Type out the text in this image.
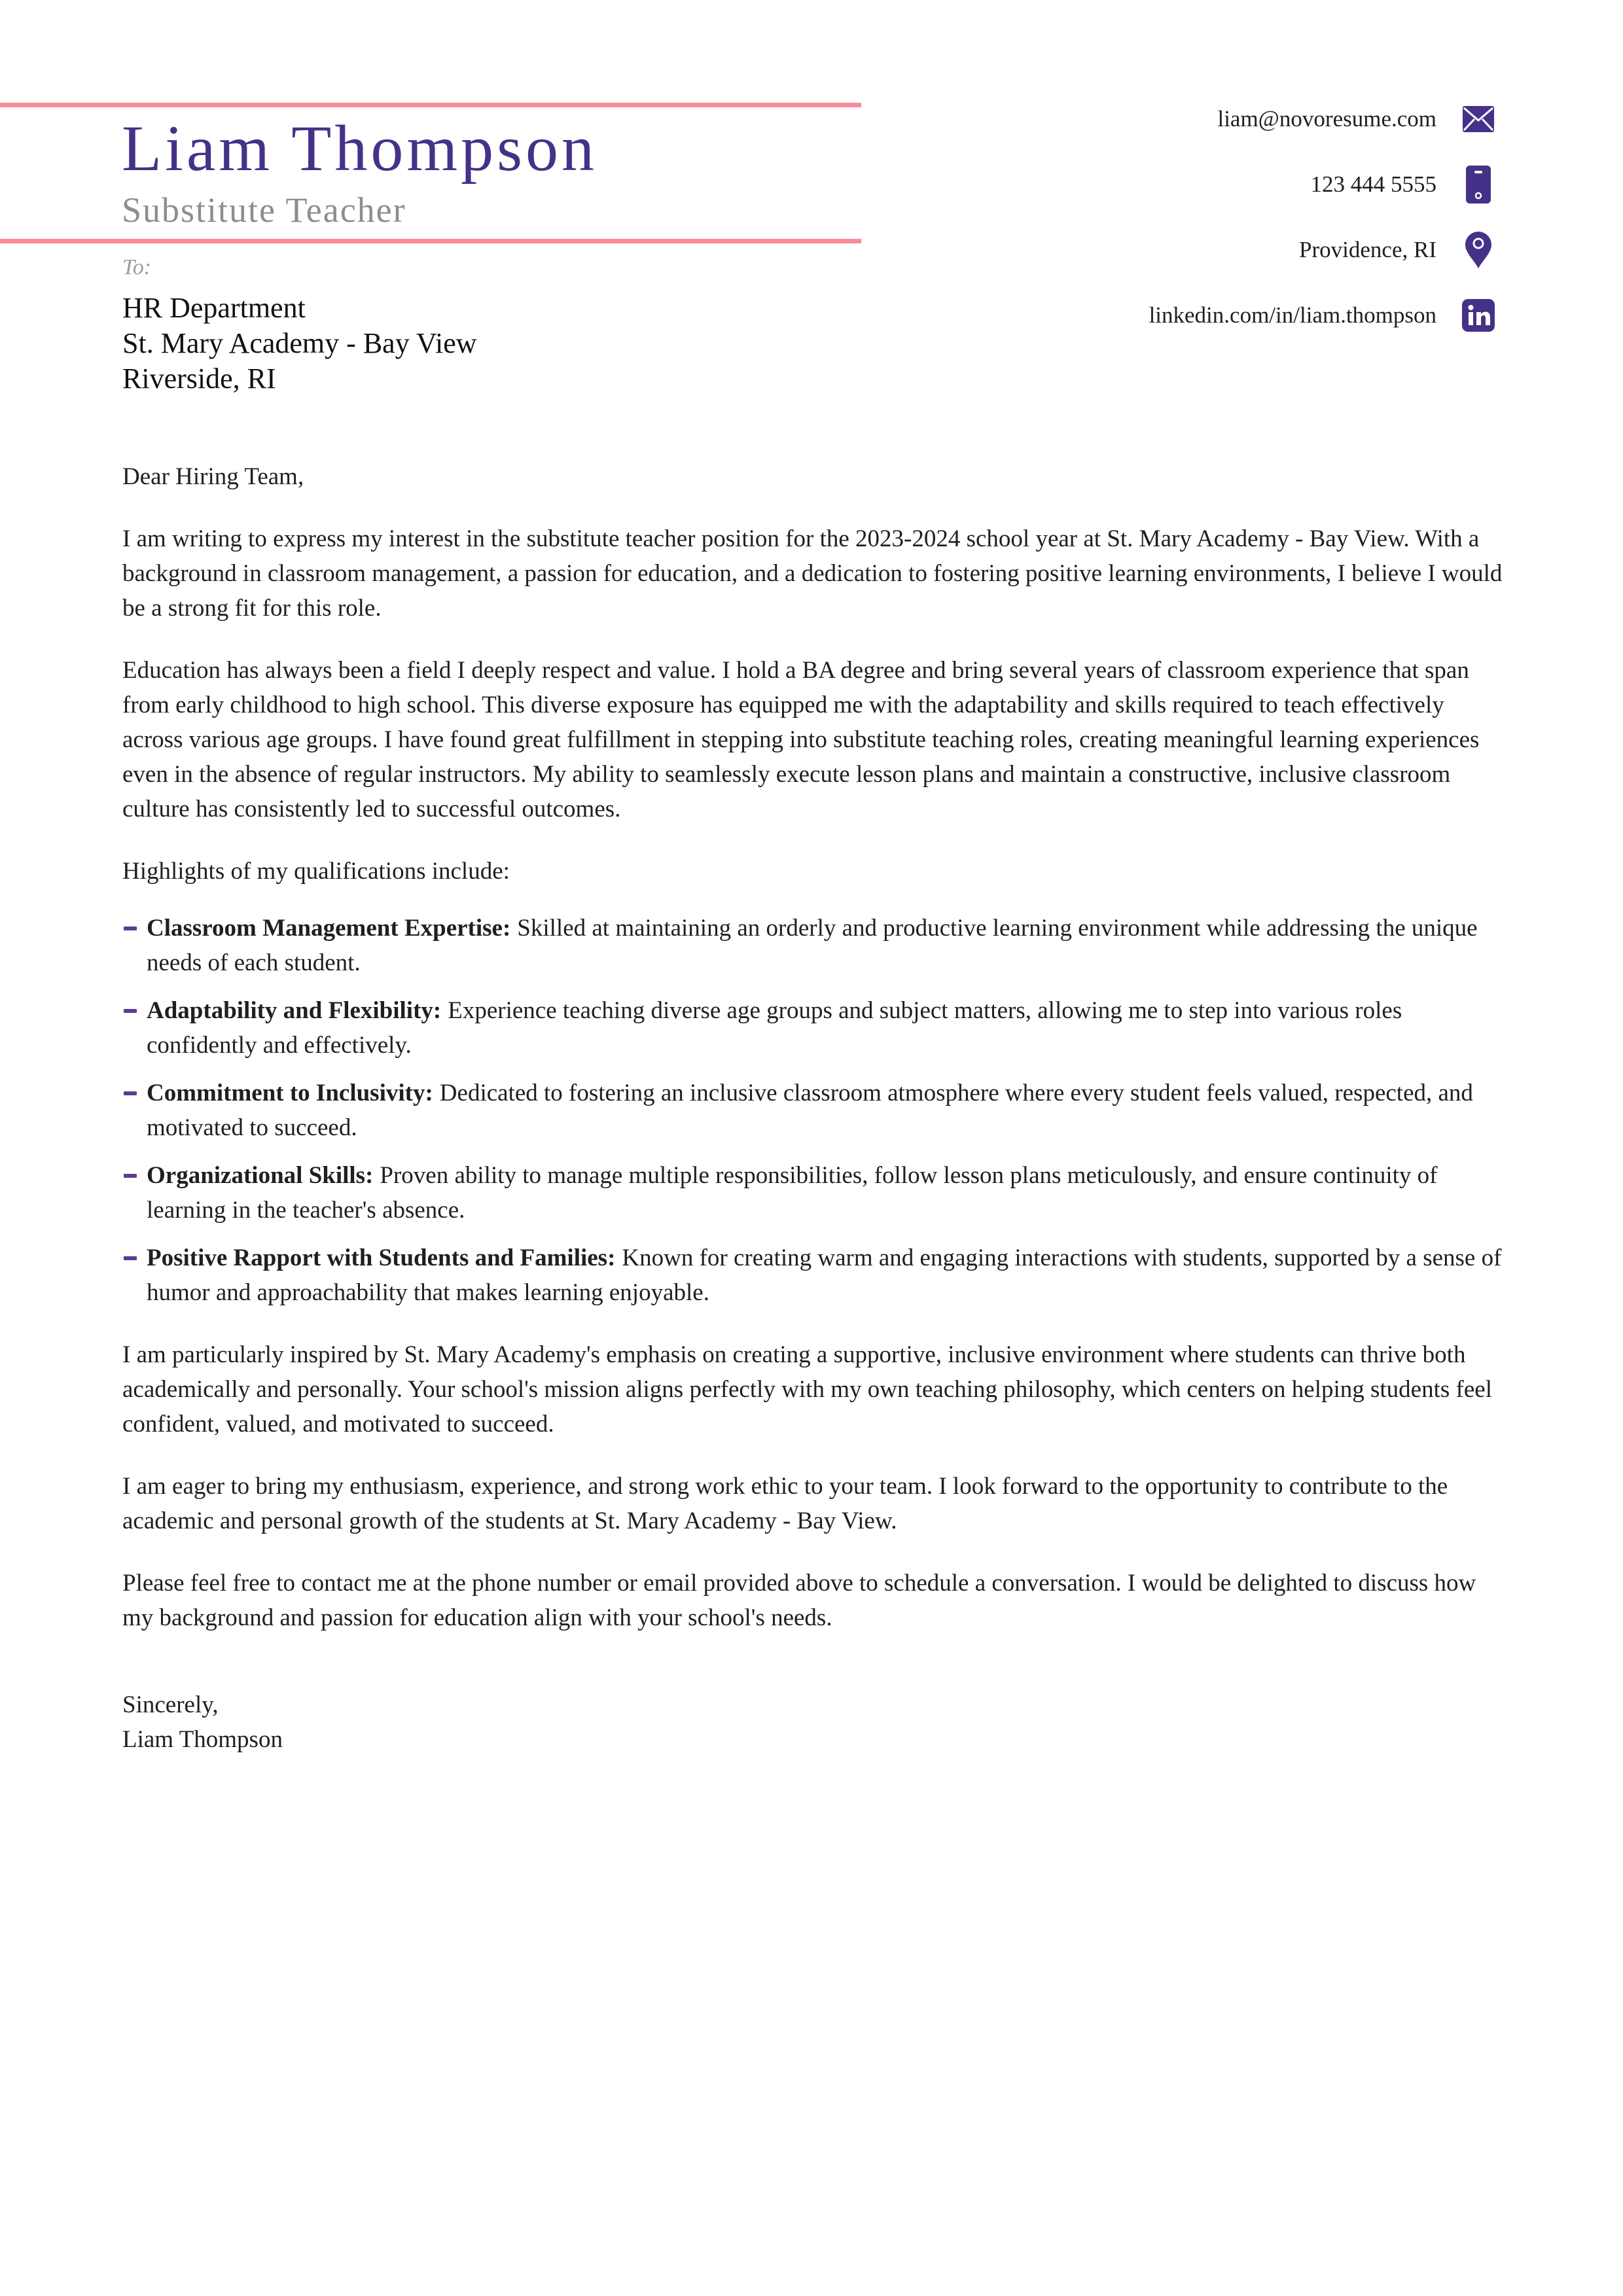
Liam Thompson
Substitute Teacher
liam@novoresume.com
123 444 5555
Providence, RI
linkedin.com/in/liam.thompson
To:
HR Department
St. Mary Academy - Bay View
Riverside, RI

Dear Hiring Team,

I am writing to express my interest in the substitute teacher position for the 2023-2024 school year at St. Mary Academy - Bay View. With a background in classroom management, a passion for education, and a dedication to fostering positive learning environments, I believe I would be a strong fit for this role.

Education has always been a field I deeply respect and value. I hold a BA degree and bring several years of classroom experience that span from early childhood to high school. This diverse exposure has equipped me with the adaptability and skills required to teach effectively across various age groups. I have found great fulfillment in stepping into substitute teaching roles, creating meaningful learning experiences even in the absence of regular instructors. My ability to seamlessly execute lesson plans and maintain a constructive, inclusive classroom culture has consistently led to successful outcomes.

Highlights of my qualifications include:

Classroom Management Expertise: Skilled at maintaining an orderly and productive learning environment while addressing the unique needs of each student.
Adaptability and Flexibility: Experience teaching diverse age groups and subject matters, allowing me to step into various roles confidently and effectively.
Commitment to Inclusivity: Dedicated to fostering an inclusive classroom atmosphere where every student feels valued, respected, and motivated to succeed.
Organizational Skills: Proven ability to manage multiple responsibilities, follow lesson plans meticulously, and ensure continuity of learning in the teacher's absence.
Positive Rapport with Students and Families: Known for creating warm and engaging interactions with students, supported by a sense of humor and approachability that makes learning enjoyable.

I am particularly inspired by St. Mary Academy's emphasis on creating a supportive, inclusive environment where students can thrive both academically and personally. Your school's mission aligns perfectly with my own teaching philosophy, which centers on helping students feel confident, valued, and motivated to succeed.

I am eager to bring my enthusiasm, experience, and strong work ethic to your team. I look forward to the opportunity to contribute to the academic and personal growth of the students at St. Mary Academy - Bay View.

Please feel free to contact me at the phone number or email provided above to schedule a conversation. I would be delighted to discuss how my background and passion for education align with your school's needs.

Sincerely,
Liam Thompson
